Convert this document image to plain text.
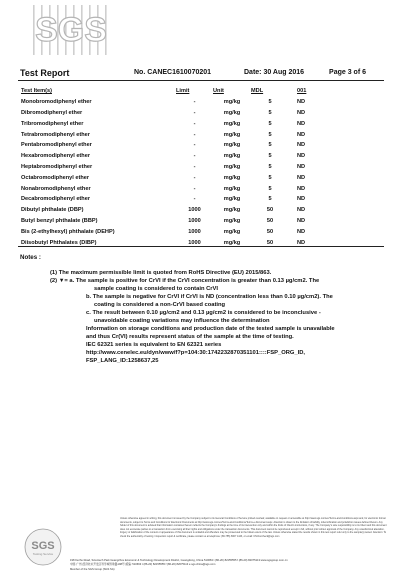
SGS
Test Report	No. CANEC1610070201	Date: 30 Aug 2016	Page 3 of 6
Test Item(s)	Limit	Unit	MDL	001
Monobromodiphenyl ether	-	mg/kg	5	ND
Dibromodiphenyl ether	-	mg/kg	5	ND
Tribromodiphenyl ether	-	mg/kg	5	ND
Tetrabromodiphenyl ether	-	mg/kg	5	ND
Pentabromodiphenyl ether	-	mg/kg	5	ND
Hexabromodiphenyl ether	-	mg/kg	5	ND
Heptabromodiphenyl ether	-	mg/kg	5	ND
Octabromodiphenyl ether	-	mg/kg	5	ND
Nonabromodiphenyl ether	-	mg/kg	5	ND
Decabromodiphenyl ether	-	mg/kg	5	ND
Dibutyl phthalate (DBP)	1000	mg/kg	50	ND
Butyl benzyl phthalate (BBP)	1000	mg/kg	50	ND
Bis (2-ethylhexyl) phthalate (DEHP)	1000	mg/kg	50	ND
Diisobutyl Phthalates (DIBP)	1000	mg/kg	50	ND
Notes :
(1) The maximum permissible limit is quoted from RoHS Directive (EU) 2015/863.
(2) ▼= a. The sample is positive for CrVI if the CrVI concentration is greater than 0.13 µg/cm2. The
sample coating is considered to contain CrVI
b. The sample is negative for CrVI if CrVI is ND (concentration less than 0.10 µg/cm2). The
coating is considered a non-CrVI based coating
c. The result between 0.10 µg/cm2 and 0.13 µg/cm2 is considered to be inconclusive -
unavoidable coating variations may influence the determination
Information on storage conditions and production date of the tested sample is unavailable
and thus Cr(VI) results represent status of the sample at the time of testing.
IEC 62321 series is equivalent to EN 62321 series
http://www.cenelec.eu/dyn/www/f?p=104:30:1742232870351101::::FSP_ORG_ID,
FSP_LANG_ID:1258637,25
SGS
Testing Service
Unless otherwise agreed in writing, this document is issued by the Company subject to its General Conditions of Service printed overleaf, available on request or accessible at http://www.sgs.com/en/Terms-and-Conditions.aspx and, for electronic format documents, subject to Terms and Conditions for Electronic Documents at http://www.sgs.com/en/Terms-and-Conditions/Terms-e-Document.aspx. Attention is drawn to the limitation of liability, indemnification and jurisdiction issues defined therein. Any holder of this document is advised that information contained hereon reflects the Company's findings at the time of its intervention only and within the limits of Client's instructions, if any. The Company's sole responsibility is to its Client and this document does not exonerate parties to a transaction from exercising all their rights and obligations under the transaction documents. This document cannot be reproduced except in full, without prior written approval of the Company. Any unauthorized alteration, forgery or falsification of the content or appearance of this document is unlawful and offenders may be prosecuted to the fullest extent of the law. Unless otherwise stated the results shown in this test report refer only to the sample(s) tested. Attention: To check the authenticity of testing / inspection report & certificate, please contact us at telephone: (86-755) 8307 1443, or email: CN.Doccheck@sgs.com
198 Kezhu Road, Scientech Park Guangzhou Economic & Technology Development District, Guangdong, China 510663 t (86-20) 82155555 f (86-20) 82075113 www.sgsgroup.com.cn
中国·广州·经济技术开发区科学城科珠路198号 邮编: 510663 t (86-20) 82155555 f (86-20) 82075113 e sgs.china@sgs.com
Member of the SGS Group (SGS SA)
